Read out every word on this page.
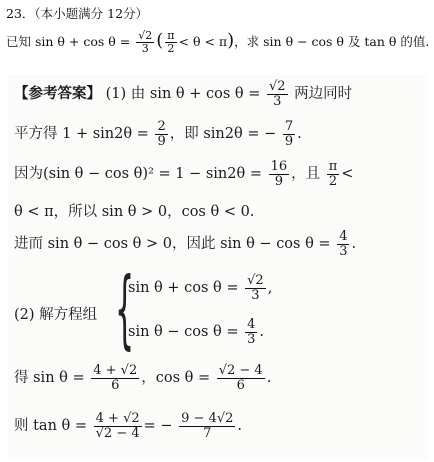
23．（本小题满分 12分）
已知 $\sin \theta + \cos \theta = \frac{√2}{3}$ ( $\frac{\pi}{2} < \theta < \pi$)，求 sin θ − cos θ 及 tan θ 的值.
【参考答案】 (1) 由 $\sin \theta + \cos \theta = \frac{√2}{3}$ 两边同时
平方得 $1 + \sin 2\theta = \frac{2}{9}$ ，即 sin2θ = − $\frac{7}{9}$ .
因为(sin $\theta - \cos \theta)^2 = 1 - \sin 2\theta = \frac{16}{9}$ ，且 $\frac{\pi}{2}$ <
θ < π，所以 sin θ > 0，cos θ < 0.
进而 sin θ − cos θ > 0，因此 $\sin \theta - \cos \theta = \frac{4}{3}$ .
(2) 解方程组 {
$\sin \theta + \cos \theta = \frac{√2}{3}$ ,
$\sin \theta - \cos \theta = \frac{4}{3}$ .
得 $\sin \theta = \frac{4 + √2}{6}$ ，$\cos \theta = \frac{√2 - 4}{6}$ .
则 $\tan \theta = \frac{4 + √2}{√2 - 4}$ = − $\frac{9 - 4√2}{7}$ .
